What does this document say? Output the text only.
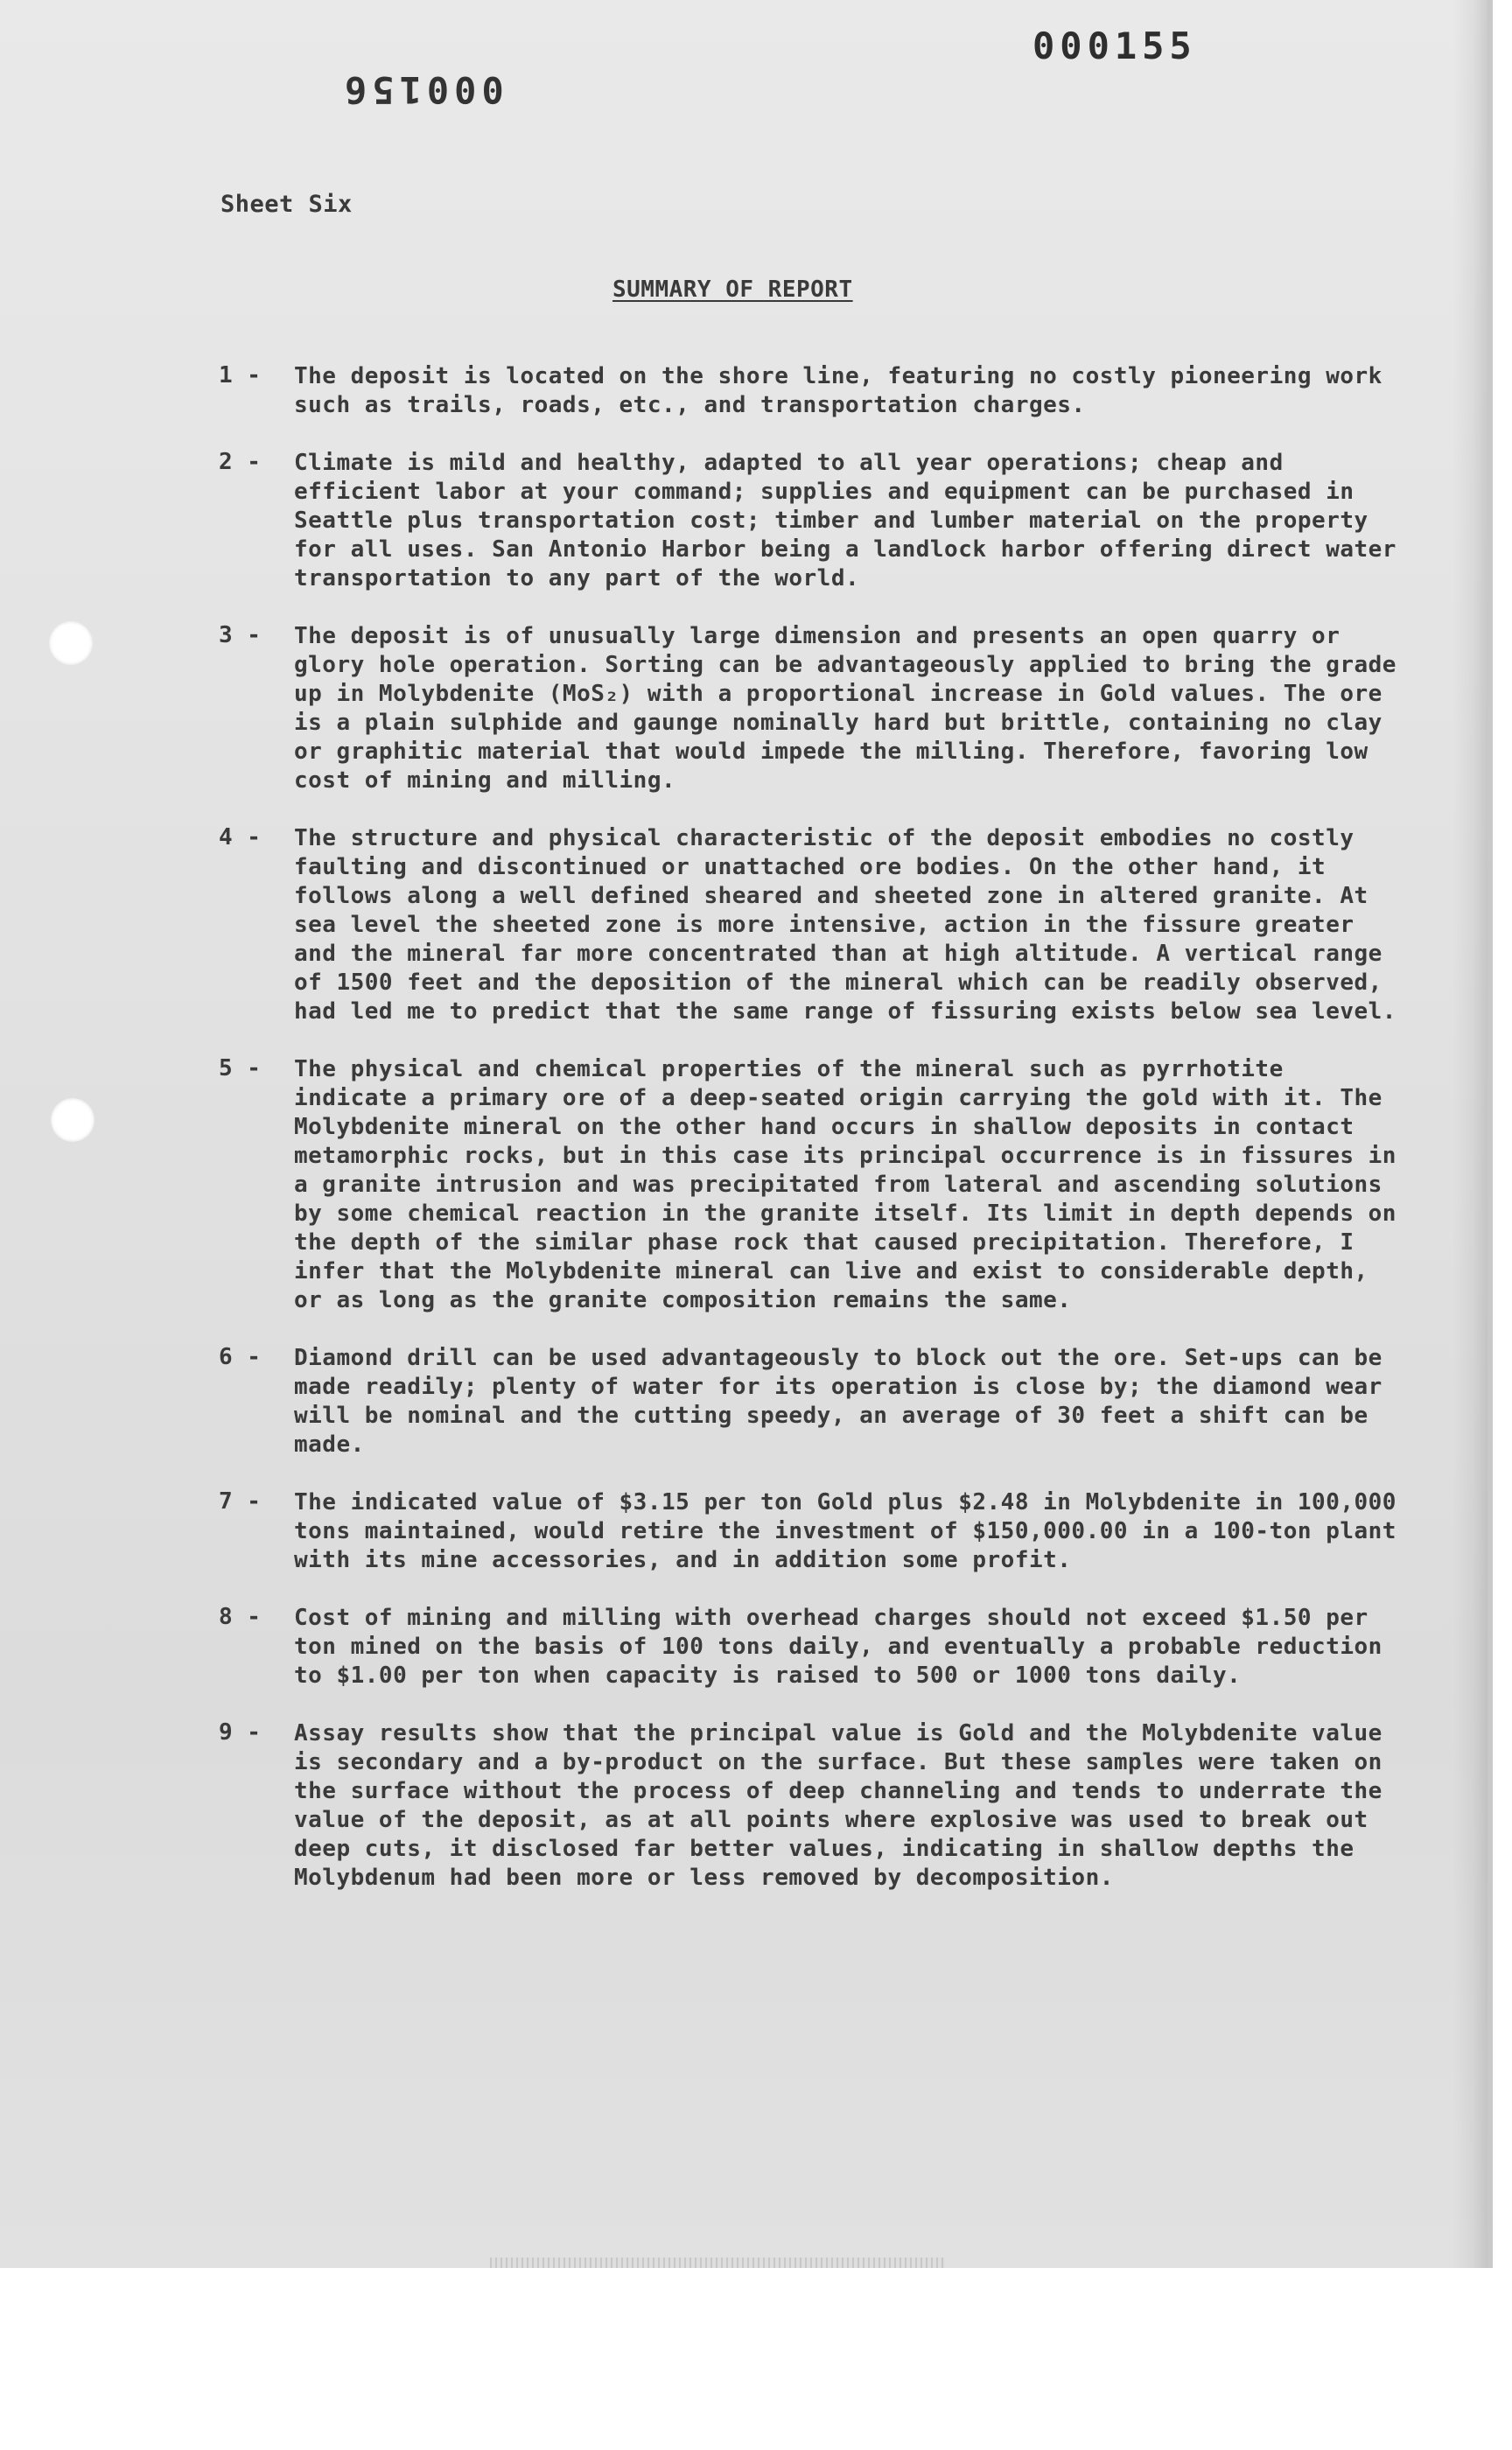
000156
000155
Sheet Six
SUMMARY OF REPORT
1 - The deposit is located on the shore line, featuring no costly pioneering work such as trails, roads, etc., and transportation charges.
2 - Climate is mild and healthy, adapted to all year operations; cheap and efficient labor at your command; supplies and equipment can be purchased in Seattle plus transportation cost; timber and lumber material on the property for all uses. San Antonio Harbor being a landlock harbor offering direct water transportation to any part of the world.
3 - The deposit is of unusually large dimension and presents an open quarry or glory hole operation. Sorting can be advantageously applied to bring the grade up in Molybdenite (MoS₂) with a proportional increase in Gold values. The ore is a plain sulphide and gaunge nominally hard but brittle, containing no clay or graphitic material that would impede the milling. Therefore, favoring low cost of mining and milling.
4 - The structure and physical characteristic of the deposit embodies no costly faulting and discontinued or unattached ore bodies. On the other hand, it follows along a well defined sheared and sheeted zone in altered granite. At sea level the sheeted zone is more intensive, action in the fissure greater and the mineral far more concentrated than at high altitude. A vertical range of 1500 feet and the deposition of the mineral which can be readily observed, had led me to predict that the same range of fissuring exists below sea level.
5 - The physical and chemical properties of the mineral such as pyrrhotite indicate a primary ore of a deep-seated origin carrying the gold with it. The Molybdenite mineral on the other hand occurs in shallow deposits in contact metamorphic rocks, but in this case its principal occurrence is in fissures in a granite intrusion and was precipitated from lateral and ascending solutions by some chemical reaction in the granite itself. Its limit in depth depends on the depth of the similar phase rock that caused precipitation. Therefore, I infer that the Molybdenite mineral can live and exist to considerable depth, or as long as the granite composition remains the same.
6 - Diamond drill can be used advantageously to block out the ore. Set-ups can be made readily; plenty of water for its operation is close by; the diamond wear will be nominal and the cutting speedy, an average of 30 feet a shift can be made.
7 - The indicated value of $3.15 per ton Gold plus $2.48 in Molybdenite in 100,000 tons maintained, would retire the investment of $150,000.00 in a 100-ton plant with its mine accessories, and in addition some profit.
8 - Cost of mining and milling with overhead charges should not exceed $1.50 per ton mined on the basis of 100 tons daily, and eventually a probable reduction to $1.00 per ton when capacity is raised to 500 or 1000 tons daily.
9 - Assay results show that the principal value is Gold and the Molybdenite value is secondary and a by-product on the surface. But these samples were taken on the surface without the process of deep channeling and tends to underrate the value of the deposit, as at all points where explosive was used to break out deep cuts, it disclosed far better values, indicating in shallow depths the Molybdenum had been more or less removed by decomposition.
